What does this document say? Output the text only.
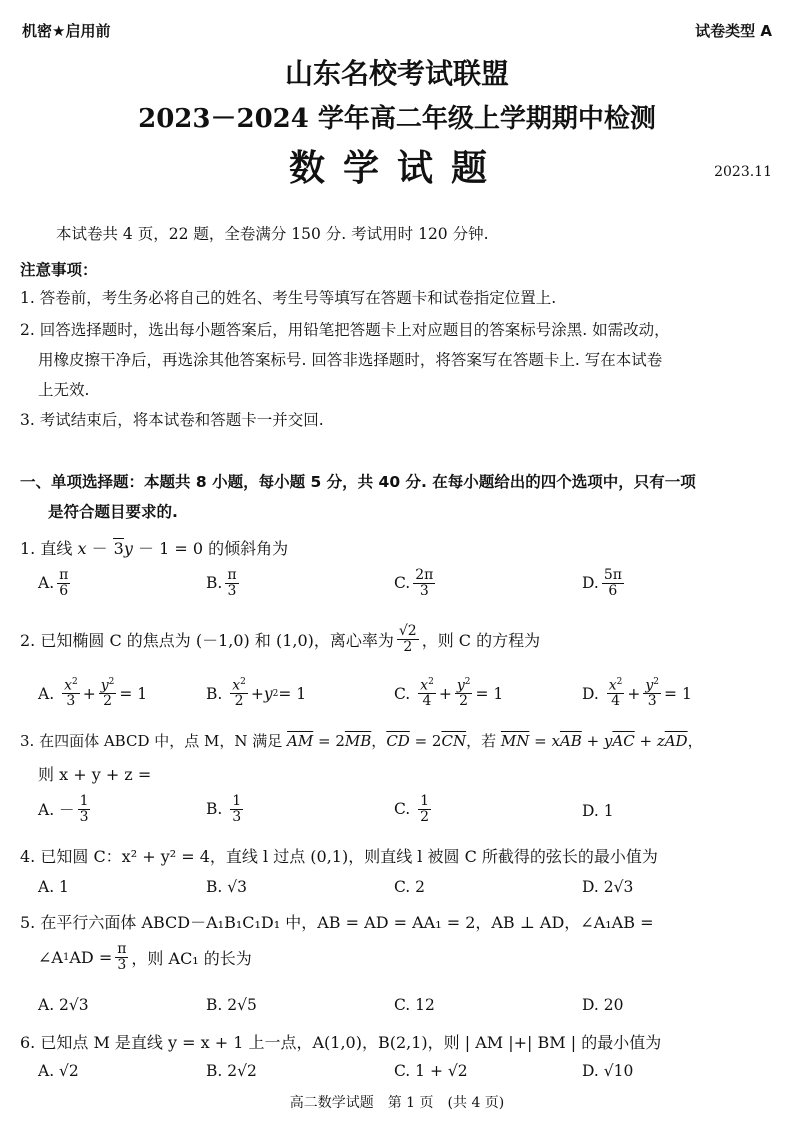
机密★启用前	试卷类型 A
山东名校考试联盟
2023－2024 学年高二年级上学期期中检测
数学试题	2023.11
本试卷共 4 页，22 题，全卷满分 150 分. 考试用时 120 分钟.
注意事项：
1. 答卷前，考生务必将自己的姓名、考生号等填写在答题卡和试卷指定位置上.
2. 回答选择题时，选出每小题答案后，用铅笔把答题卡上对应题目的答案标号涂黑. 如需改动，
用橡皮擦干净后，再选涂其他答案标号. 回答非选择题时，将答案写在答题卡上. 写在本试卷
上无效.
3. 考试结束后，将本试卷和答题卡一并交回.
一、单项选择题：本题共 8 小题，每小题 5 分，共 40 分. 在每小题给出的四个选项中，只有一项
是符合题目要求的.
1. 直线 x － 3y － 1 = 0 的倾斜角为
A. $\frac{\pi}{6}$	B. $\frac{\pi}{3}$	C. $\frac{2\pi}{3}$	D. $\frac{5\pi}{6}$
2. 已知椭圆 C 的焦点为 (－1,0) 和 (1,0)，离心率为 $\frac{√2}{2}$ ，则 C 的方程为
A. $\frac{x^2}{3} + \frac{y^2}{2} = 1$	B. $\frac{x^2}{2} + y$ 2 = 1	C. $\frac{x^2}{4} + \frac{y^2}{2} = 1$	D. $\frac{x^2}{4} + \frac{y^2}{3} = 1$
3. 在四面体 ABCD 中，点 M，N 满足 $\overline{AM} = 2\overline{MB}$，$\overline{CD} = 2\overline{CN}$，若 $\overline{MN} = x\overline{AB} + y\overline{AC} + z\overline{AD}$，
则 x + y + z =
A. － $\frac{1}{3}$	B. $\frac{1}{3}$	C. $\frac{1}{2}$	D. 1
4. 已知圆 C：x² + y² = 4，直线 l 过点 (0,1)，则直线 l 被圆 C 所截得的弦长的最小值为
A. 1	B. √3	C. 2	D. 2√3
5. 在平行六面体 ABCD－A₁B₁C₁D₁ 中，AB = AD = AA₁ = 2，AB ⊥ AD，∠A₁AB =
∠A 1 AD = $\frac{\pi}{3}$ ，则 AC₁ 的长为
A. 2√3	B. 2√5	C. 12	D. 20
6. 已知点 M 是直线 y = x + 1 上一点，A(1,0)，B(2,1)，则 | AM |+| BM | 的最小值为
A. √2	B. 2√2	C. 1 + √2	D. √10
高二数学试题　第 1 页　(共 4 页)
